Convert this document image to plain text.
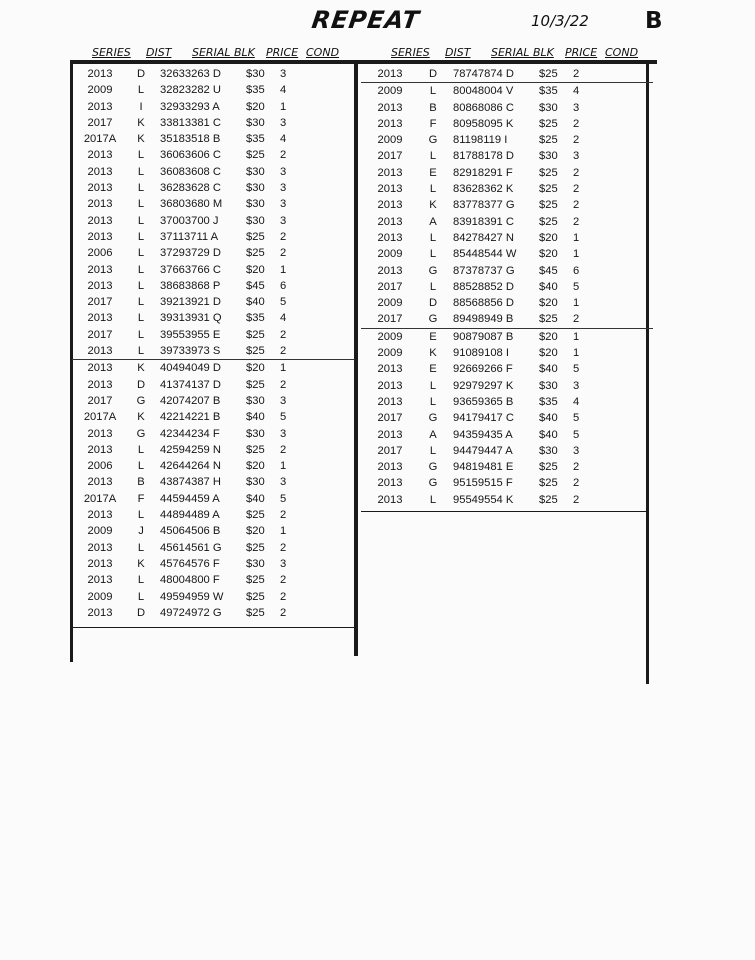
REPEAT	10/3/22 B
SERIES	DIST	SERIAL BLK	PRICE COND	SERIES	DIST	SERIAL BLK	PRICE COND
2013	D	32633263 D	$30	3
2009	L	32823282 U	$35	4
2013	I	32933293 A	$20	1
2017	K	33813381 C	$30	3
2017A	K	35183518 B	$35	4
2013	L	36063606 C	$25	2
2013	L	36083608 C	$30	3
2013	L	36283628 C	$30	3
2013	L	36803680 M	$30	3
2013	L	37003700 J	$30	3
2013	L	37113711 A	$25	2
2006	L	37293729 D	$25	2
2013	L	37663766 C	$20	1
2013	L	38683868 P	$45	6
2017	L	39213921 D	$40	5
2013	L	39313931 Q	$35	4
2017	L	39553955 E	$25	2
2013	L	39733973 S	$25	2
2013	K	40494049 D	$20	1
2013	D	41374137 D	$25	2
2017	G	42074207 B	$30	3
2017A	K	42214221 B	$40	5
2013	G	42344234 F	$30	3
2013	L	42594259 N	$25	2
2006	L	42644264 N	$20	1
2013	B	43874387 H	$30	3
2017A	F	44594459 A	$40	5
2013	L	44894489 A	$25	2
2009	J	45064506 B	$20	1
2013	L	45614561 G	$25	2
2013	K	45764576 F	$30	3
2013	L	48004800 F	$25	2
2009	L	49594959 W	$25	2
2013	D	49724972 G	$25	2
2013	D	78747874 D	$25	2
2009	L	80048004 V	$35	4
2013	B	80868086 C	$30	3
2013	F	80958095 K	$25	2
2009	G	81198119 I	$25	2
2017	L	81788178 D	$30	3
2013	E	82918291 F	$25	2
2013	L	83628362 K	$25	2
2013	K	83778377 G	$25	2
2013	A	83918391 C	$25	2
2013	L	84278427 N	$20	1
2009	L	85448544 W	$20	1
2013	G	87378737 G	$45	6
2017	L	88528852 D	$40	5
2009	D	88568856 D	$20	1
2017	G	89498949 B	$25	2
2009	E	90879087 B	$20	1
2009	K	91089108 I	$20	1
2013	E	92669266 F	$40	5
2013	L	92979297 K	$30	3
2013	L	93659365 B	$35	4
2017	G	94179417 C	$40	5
2013	A	94359435 A	$40	5
2017	L	94479447 A	$30	3
2013	G	94819481 E	$25	2
2013	G	95159515 F	$25	2
2013	L	95549554 K	$25	2
